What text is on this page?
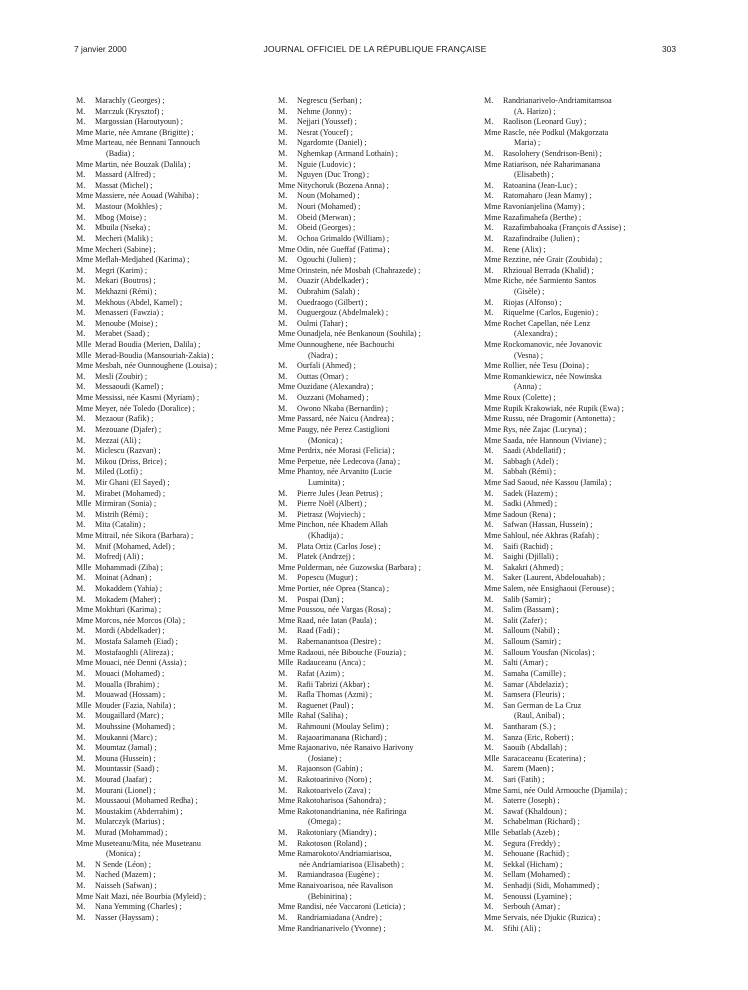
7 janvier 2000	JOURNAL OFFICIEL DE LA RÉPUBLIQUE FRANÇAISE	303
M. Marachly (Georges) ;
M. Marczuk (Krysztof) ;
M. Margossian (Haroutyoun) ;
Mme Marie, née Amrane (Brigitte) ;
Mme Marteau, née Bennani Tannouch
(Badia) ;
Mme Martin, née Bouzak (Dalila) ;
M. Massard (Alfred) ;
M. Massat (Michel) ;
Mme Massiere, née Aouad (Wahiba) ;
M. Mastour (Mokhles) ;
M. Mbog (Moise) ;
M. Mbuila (Nseka) ;
M. Mecheri (Malik) ;
Mme Mecheri (Sabine) ;
Mme Meflah-Medjahed (Karima) ;
M. Megri (Karim) ;
M. Mekari (Boutros) ;
M. Mekhazni (Rémi) ;
M. Mekhous (Abdel, Kamel) ;
M. Menasseri (Fawzia) ;
M. Menoube (Moise) ;
M. Merabet (Saad) ;
Mlle Merad Boudia (Merien, Dalila) ;
Mlle Merad-Boudia (Mansouriah-Zakia) ;
Mme Mesbah, née Ounnoughene (Louisa) ;
M. Mesli (Zoubir) ;
M. Messaoudi (Kamel) ;
Mme Messissi, née Kasmi (Myriam) ;
Mme Meyer, née Toledo (Doralice) ;
M. Mezaour (Rafik) ;
M. Mezouane (Djafer) ;
M. Mezzai (Ali) ;
M. Miclescu (Razvan) ;
M. Mikou (Driss, Brice) ;
M. Miled (Lotfi) ;
M. Mir Ghani (El Sayed) ;
M. Mirabet (Mohamed) ;
Mlle Mirmiran (Sonia) ;
M. Mistrih (Rémi) ;
M. Mita (Catalin) ;
Mme Mitrail, née Sikora (Barbara) ;
M. Mnif (Mohamed, Adel) ;
M. Mofredj (Ali) ;
Mlle Mohammadi (Ziba) ;
M. Moinat (Adnan) ;
M. Mokaddem (Yahia) ;
M. Mokadem (Maher) ;
Mme Mokhtari (Karima) ;
Mme Morcos, née Morcos (Ola) ;
M. Mordi (Abdelkader) ;
M. Mostafa Salameh (Eiad) ;
M. Mostafaoghli (Alireza) ;
Mme Mouaci, née Denni (Assia) ;
M. Mouaci (Mohamed) ;
M. Moualla (Ibrahim) ;
M. Mouawad (Hossam) ;
Mlle Mouder (Fazia, Nabila) ;
M. Mougaillard (Marc) ;
M. Mouhssine (Mohamed) ;
M. Moukanni (Marc) ;
M. Moumtaz (Jamal) ;
M. Mouna (Hussein) ;
M. Mountassir (Saad) ;
M. Mourad (Jaafar) ;
M. Mourani (Lionel) ;
M. Moussaoui (Mohamed Redha) ;
M. Moustakim (Abderrahim) ;
M. Mularczyk (Marius) ;
M. Murad (Mohammad) ;
Mme Museteanu/Mita, née Museteanu
(Monica) ;
M. N Sende (Léon) ;
M. Nached (Mazem) ;
M. Naisseh (Safwan) ;
Mme Nait Mazi, née Bourbia (Myleid) ;
M. Nana Yemming (Charles) ;
M. Nasser (Hayssam) ;
M. Negrescu (Serban) ;
M. Nehme (Jonny) ;
M. Nejjari (Youssef) ;
M. Nesrat (Youcef) ;
M. Ngardomte (Daniel) ;
M. Nghemkap (Armand Lothain) ;
M. Nguie (Ludovic) ;
M. Nguyen (Duc Trong) ;
Mme Nitychoruk (Bozena Anna) ;
M. Noun (Mohamed) ;
M. Nouri (Mohamed) ;
M. Obeid (Merwan) ;
M. Obeid (Georges) ;
M. Ochoa Grimaldo (William) ;
Mme Odin, née Gueffaf (Fatima) ;
M. Ogouchi (Julien) ;
Mme Orinstein, née Mosbah (Chahrazede) ;
M. Ouazir (Abdelkader) ;
M. Oubrahim (Salah) ;
M. Ouedraogo (Gilbert) ;
M. Ouguergouz (Abdelmalek) ;
M. Oulmi (Tahar) ;
Mme Ounadjela, née Benkanoun (Souhila) ;
Mme Ounnoughene, née Bachouchi
(Nadra) ;
M. Ourfali (Ahmed) ;
M. Outtas (Omar) ;
Mme Ouzidane (Alexandra) ;
M. Ouzzani (Mohamed) ;
M. Owono Nkaba (Bernardin) ;
Mme Passard, née Naicu (Andrea) ;
Mme Paugy, née Perez Castiglioni
(Monica) ;
Mme Perdrix, née Morasi (Felicia) ;
Mme Perpetue, née Ledecova (Jana) ;
Mme Phantoy, née Arvanito (Lucie
Luminita) ;
M. Pierre Jules (Jean Petrus) ;
M. Pierre Noël (Albert) ;
M. Pietrasz (Wojviech) ;
Mme Pinchon, née Khadem Allah
(Khadija) ;
M. Plata Ortiz (Carlos Jose) ;
M. Platek (Andrzej) ;
Mme Polderman, née Guzowska (Barbara) ;
M. Popescu (Mugur) ;
Mme Portier, née Oprea (Stanca) ;
M. Pospai (Dan) ;
Mme Poussou, née Vargas (Rosa) ;
Mme Raad, née Iatan (Paula) ;
M. Raad (Fadi) ;
M. Rabemanantsoa (Desire) ;
Mme Radaoui, née Bibouche (Fouzia) ;
Mlle Radauceanu (Anca) ;
M. Rafat (Azim) ;
M. Rafii Tabrizi (Akbar) ;
M. Rafla Thomas (Azmi) ;
M. Raguenet (Paul) ;
Mlle Rahal (Saliha) ;
M. Rahmouni (Moulay Selim) ;
M. Rajaoarimanana (Richard) ;
Mme Rajaonarivo, née Ranaivo Harivony
(Josiane) ;
M. Rajaonson (Gabin) ;
M. Rakotoarinivo (Noro) ;
M. Rakotoarivelo (Zava) ;
Mme Rakotoharisoa (Sahondra) ;
Mme Rakotonandrianina, née Rafiringa
(Omega) ;
M. Rakotoniary (Miandry) ;
M. Rakotoson (Roland) ;
Mme Ramarokoto/Andriamiarisoa,
née Andriamiarisoa (Elisabeth) ;
M. Ramiandrasoa (Eugène) ;
Mme Ranaivoarisoa, née Ravalison
(Bebinirina) ;
Mme Randisi, née Vaccaroni (Leticia) ;
M. Randriamiadana (Andre) ;
Mme Randrianarivelo (Yvonne) ;
M. Randrianarivelo-Andriamitamsoa
(A. Harizo) ;
M. Raolison (Leonard Guy) ;
Mme Rascle, née Podkul (Makgorzata
Maria) ;
M. Rasolohery (Sendrison-Beni) ;
Mme Ratiarison, née Raharimanana
(Elisabeth) ;
M. Ratoanina (Jean-Luc) ;
M. Ratomaharo (Jean Mamy) ;
Mme Ravonianjelina (Mamy) ;
Mme Razafimahefa (Berthe) ;
M. Razafimbahoaka (François d'Assise) ;
M. Razafindraibe (Julien) ;
M. Rene (Alix) ;
Mme Rezzine, née Grair (Zoubida) ;
M. Rhzioual Berrada (Khalid) ;
Mme Riche, née Sarmiento Santos
(Gisèle) ;
M. Riojas (Alfonso) ;
M. Riquelme (Carlos, Eugenio) ;
Mme Rochet Capellan, née Lenz
(Alexandra) ;
Mme Rockomanovic, née Jovanovic
(Vesna) ;
Mme Rollier, née Tesu (Doina) ;
Mme Romankiewicz, née Nowinska
(Anna) ;
Mme Roux (Colette) ;
Mme Rupik Krakowiak, née Rupik (Ewa) ;
Mme Russu, née Dragomir (Antonetta) ;
Mme Rys, née Zajac (Lucyna) ;
Mme Saada, née Hannoun (Viviane) ;
M. Saadi (Abdellatif) ;
M. Sabbagh (Adel) ;
M. Sabbah (Rémi) ;
Mme Sad Saoud, née Kassou (Jamila) ;
M. Sadek (Hazem) ;
M. Sadki (Ahmed) ;
Mme Sadoun (Rena) ;
M. Safwan (Hassan, Hussein) ;
Mme Sahloul, née Akhras (Rafah) ;
M. Saifi (Rachid) ;
M. Saighi (Djillali) ;
M. Sakakri (Ahmed) ;
M. Saker (Laurent, Abdelouahab) ;
Mme Salem, née Ensighaoui (Ferouse) ;
M. Salib (Samir) ;
M. Salim (Bassam) ;
M. Salit (Zafer) ;
M. Salloum (Nabil) ;
M. Salloum (Samir) ;
M. Salloum Yousfan (Nicolas) ;
M. Salti (Amar) ;
M. Samaha (Camille) ;
M. Samar (Abdelaziz) ;
M. Samsera (Fleuris) ;
M. San German de La Cruz
(Raul, Anibal) ;
M. Santharam (S.) ;
M. Sanza (Eric, Robert) ;
M. Saouib (Abdallah) ;
Mlle Saracaceanu (Ecaterina) ;
M. Sarem (Maen) ;
M. Sari (Fatih) ;
Mme Sarni, née Ould Armouche (Djamila) ;
M. Saterre (Joseph) ;
M. Sawaf (Khaldoun) ;
M. Schabelman (Richard) ;
Mlle Sebatlab (Azeb) ;
M. Segura (Freddy) ;
M. Sehouane (Rachid) ;
M. Sekkal (Hicham) ;
M. Sellam (Mohamed) ;
M. Senhadji (Sidi, Mohammed) ;
M. Senoussi (Lyamine) ;
M. Serbouh (Amar) ;
Mme Servais, née Djukic (Ruzica) ;
M. Sfihi (Ali) ;
